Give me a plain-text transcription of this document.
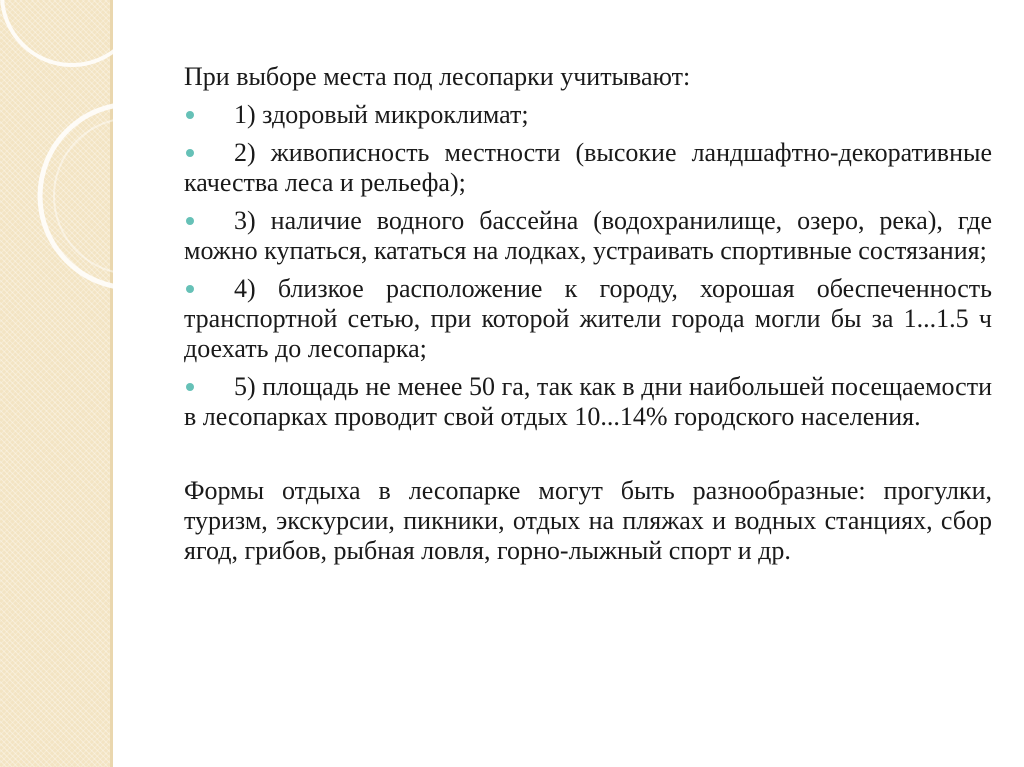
При выборе места под лесопарки учитывают:

1) здоровый микроклимат;
2) живописность местности (высокие ландшафтно-декоративные качества леса и рельефа);
3) наличие водного бассейна (водохранилище, озеро, река), где можно купаться, кататься на лодках, устраивать спортивные состязания;
4) близкое расположение к городу, хорошая обеспеченность транспортной сетью, при которой жители города могли бы за 1...1.5 ч доехать до лесопарка;
5) площадь не менее 50 га, так как в дни наибольшей посещаемости в лесопарках проводит свой отдых 10...14% городского населения.

Формы отдыха в лесопарке могут быть разнообразные: прогулки, туризм, экскурсии, пикники, отдых на пляжах и водных станциях, сбор ягод, грибов, рыбная ловля, горно-лыжный спорт и др.
